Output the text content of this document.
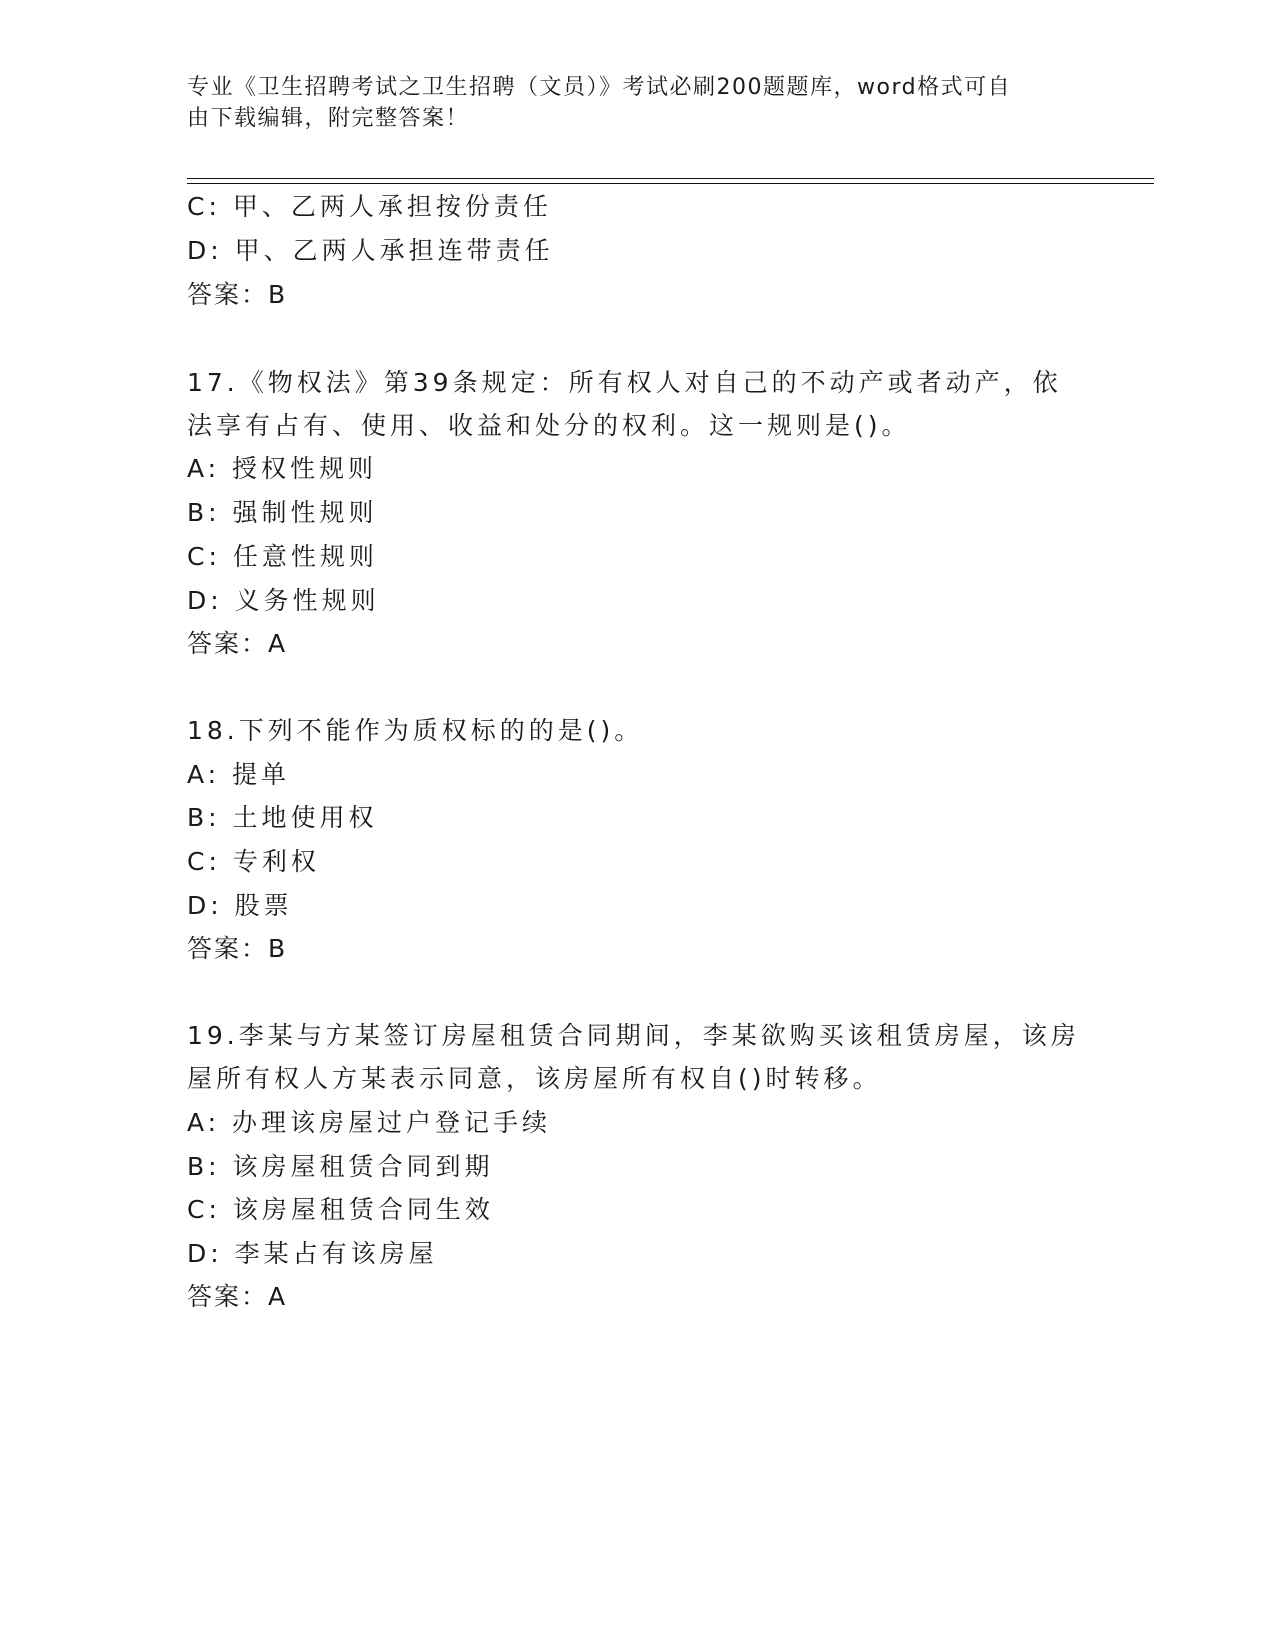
专业《卫生招聘考试之卫生招聘（文员）》考试必刷200题题库，word格式可自
由下载编辑，附完整答案！
C: 甲、乙两人承担按份责任
D: 甲、乙两人承担连带责任
答案：B
17.《物权法》第39条规定：所有权人对自己的不动产或者动产，依
法享有占有、使用、收益和处分的权利。这一规则是()。
A: 授权性规则
B: 强制性规则
C: 任意性规则
D: 义务性规则
答案：A
18.下列不能作为质权标的的是()。
A: 提单
B: 土地使用权
C: 专利权
D: 股票
答案：B
19.李某与方某签订房屋租赁合同期间，李某欲购买该租赁房屋，该房
屋所有权人方某表示同意，该房屋所有权自()时转移。
A: 办理该房屋过户登记手续
B: 该房屋租赁合同到期
C: 该房屋租赁合同生效
D: 李某占有该房屋
答案：A
